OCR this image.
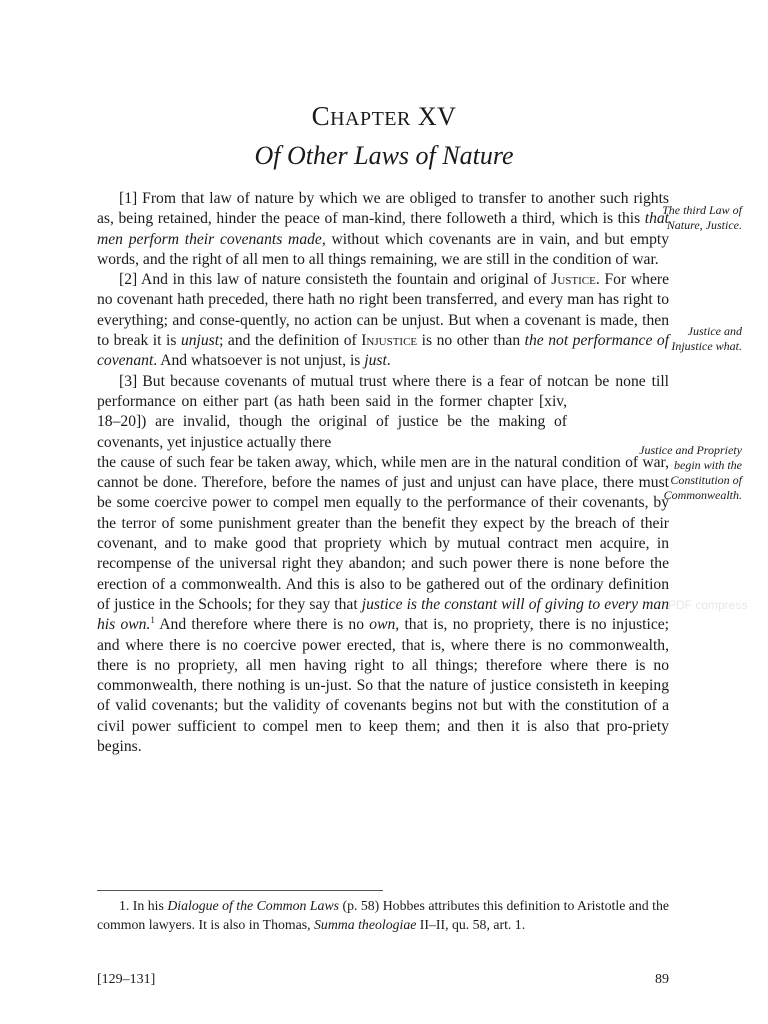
CHAPTER XV
Of Other Laws of Nature
The third Law of
Nature, Justice.
Justice and
Injustice what.
Justice and Propriety
begin with the
Constitution of
Commonwealth.

[1] From that law of nature by which we are obliged to transfer to another such rights as, being retained, hinder the peace of man-kind, there followeth a third, which is this that men perform their covenants made, without which covenants are in vain, and but empty words, and the right of all men to all things remaining, we are still in the condition of war.

[2] And in this law of nature consisteth the fountain and original of Justice. For where no covenant hath preceded, there hath no right been transferred, and every man has right to everything; and conse-quently, no action can be unjust. But when a covenant is made, then to break it is unjust; and the definition of Injustice is no other than the not performance of covenant. And whatsoever is not unjust, is just.

[3] But because covenants of mutual trust where there is a fear of not performance on either part (as hath been said in the former chapter [xiv, 18–20]) are invalid, though the original of justice be the making of covenants, yet injustice actually therecan be none till the cause of such fear be taken away, which, while men are in the natural condition of war, cannot be done. Therefore, before the names of just and unjust can have place, there must be some coercive power to compel men equally to the performance of their covenants, by the terror of some punishment greater than the benefit they expect by the breach of their covenant, and to make good that propriety which by mutual contract men acquire, in recompense of the universal right they abandon; and such power there is none before the erection of a commonwealth. And this is also to be gathered out of the ordinary definition of justice in the Schools; for they say that justice is the constant will of giving to every man his own.$^1$ And therefore where there is no own, that is, no propriety, there is no injustice; and where there is no coercive power erected, that is, where there is no commonwealth, there is no propriety, all men having right to all things; therefore where there is no commonwealth, there nothing is un-just. So that the nature of justice consisteth in keeping of valid covenants; but the validity of covenants begins not but with the constitution of a civil power sufficient to compel men to keep them; and then it is also that pro-priety begins.

PDF compress

1. In his Dialogue of the Common Laws (p. 58) Hobbes attributes this definition to Aristotle and the common lawyers. It is also in Thomas, Summa theologiae II–II, qu. 58, art. 1.

[129–131]	89
